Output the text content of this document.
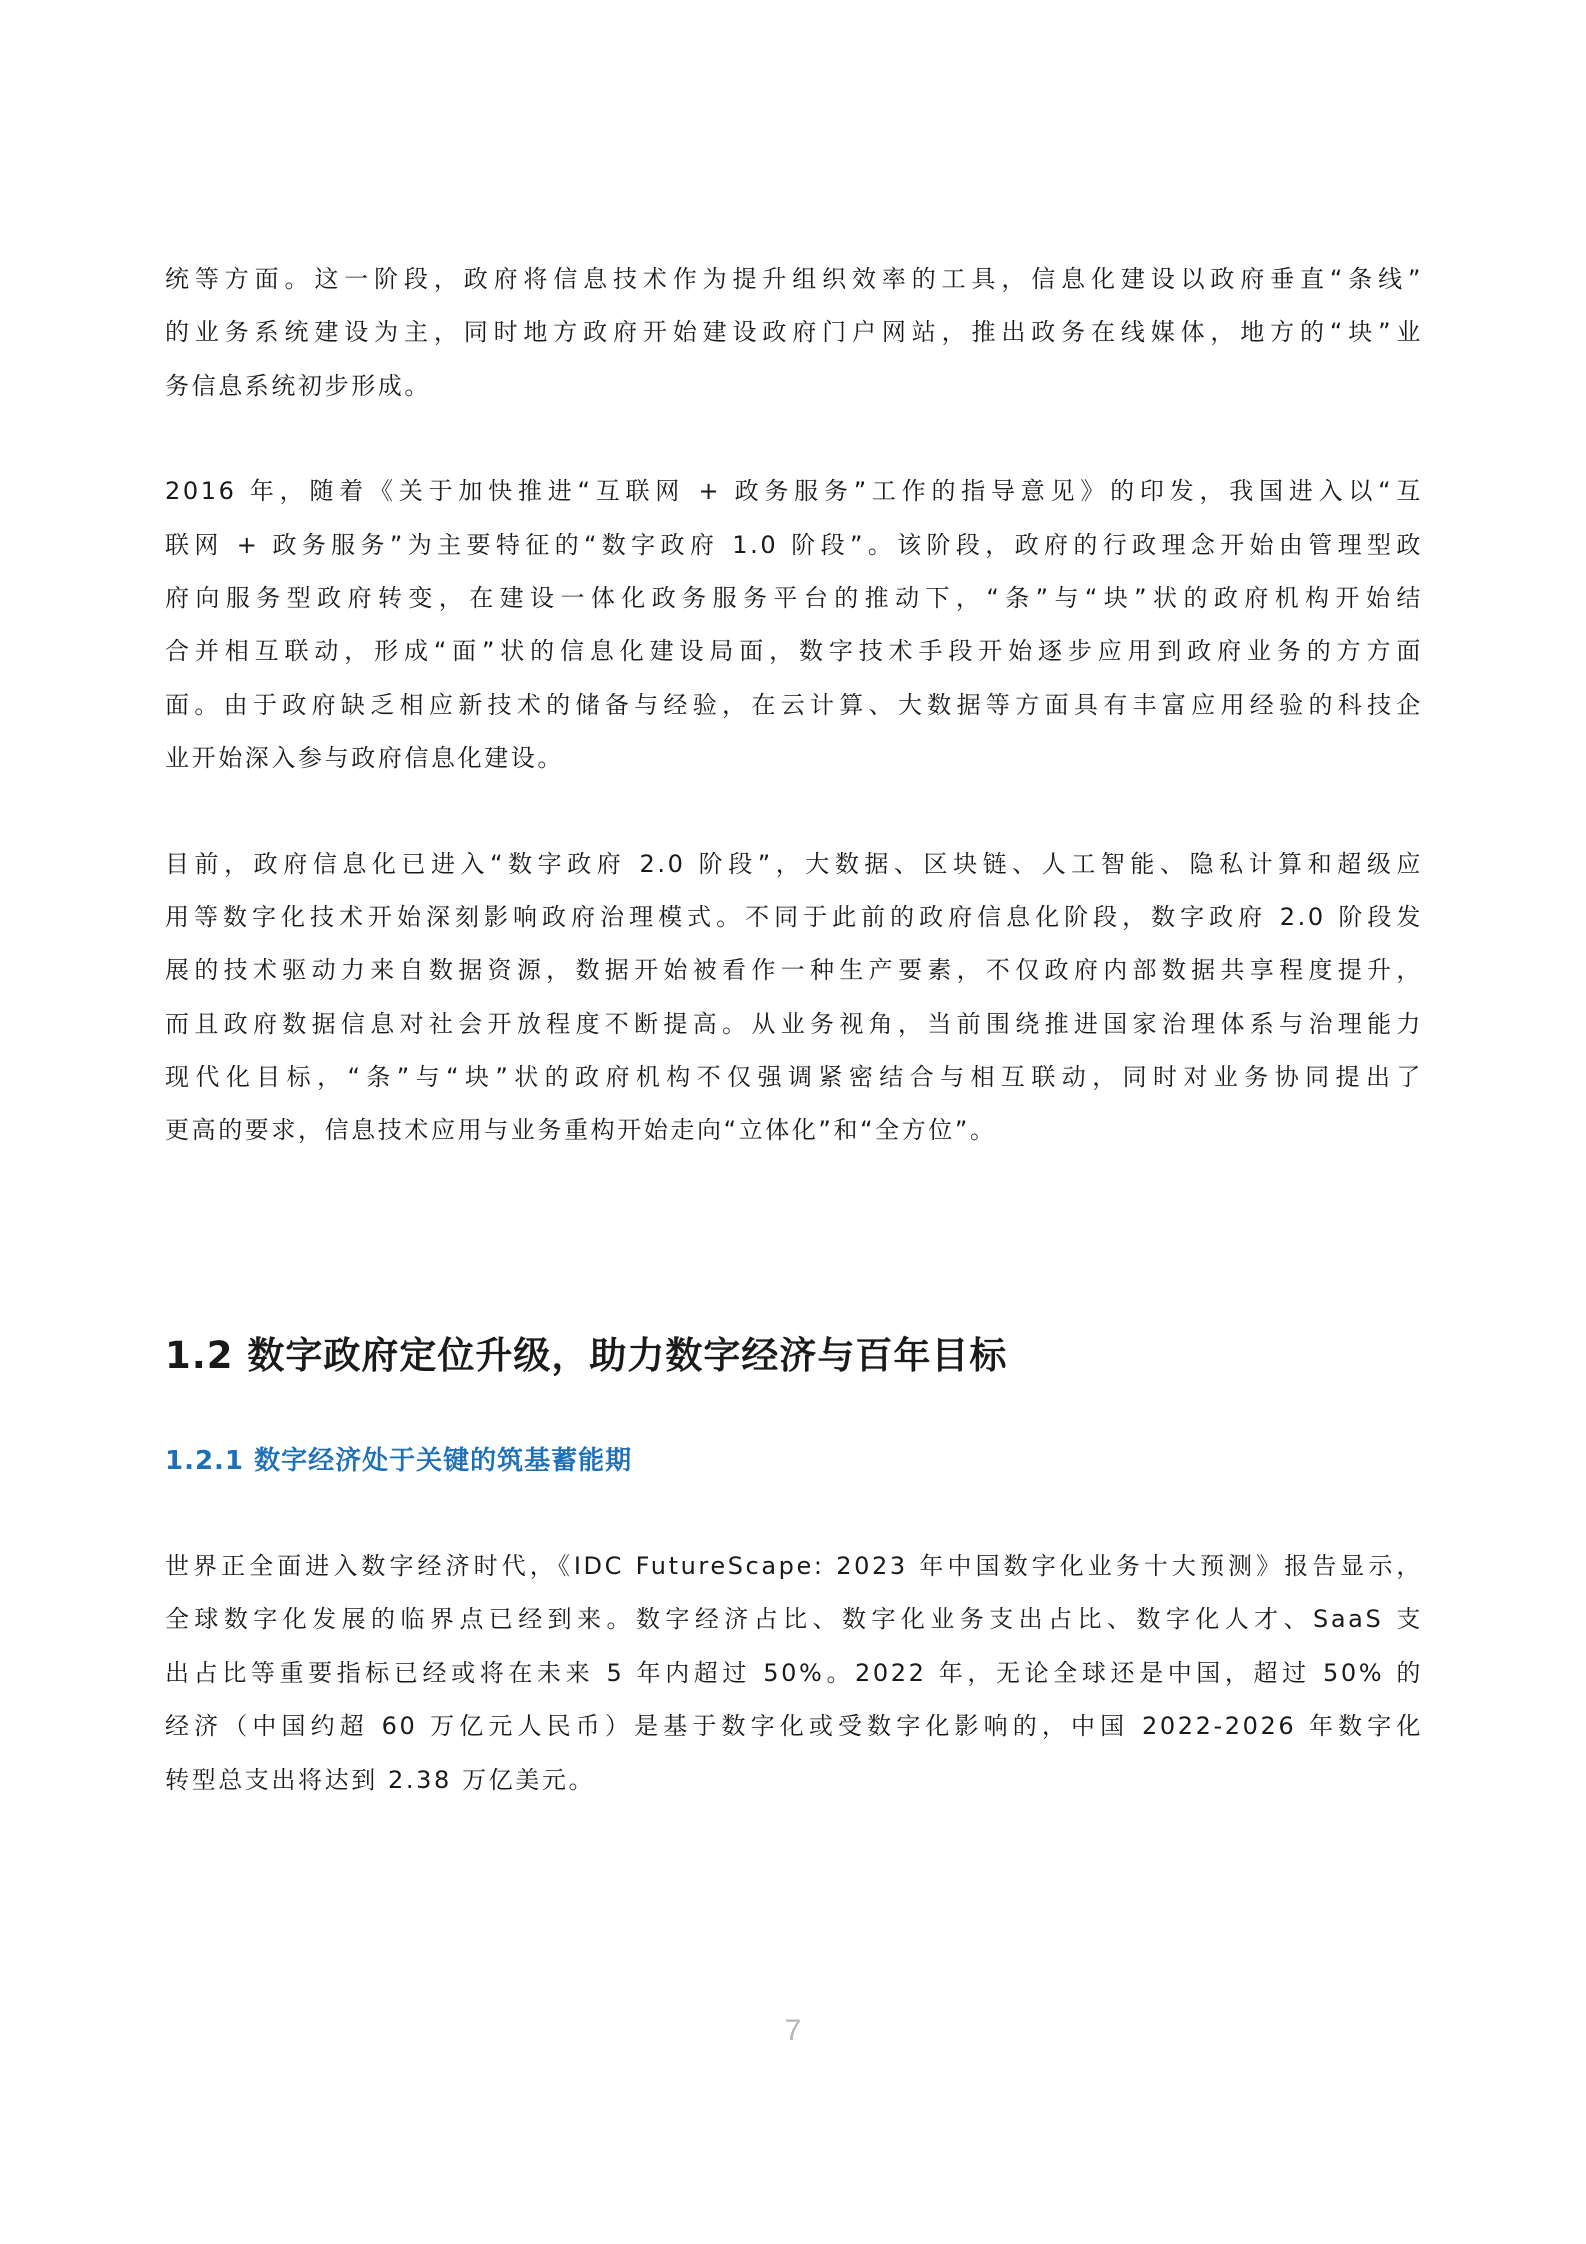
统等方面。这一阶段，政府将信息技术作为提升组织效率的工具，信息化建设以政府垂直“条线”
的业务系统建设为主，同时地方政府开始建设政府门户网站，推出政务在线媒体，地方的“块”业
务信息系统初步形成。
2016 年，随着《关于加快推进“互联网 + 政务服务”工作的指导意见》的印发，我国进入以“互
联网 + 政务服务”为主要特征的“数字政府 1.0 阶段”。该阶段，政府的行政理念开始由管理型政
府向服务型政府转变，在建设一体化政务服务平台的推动下，“条”与“块”状的政府机构开始结
合并相互联动，形成“面”状的信息化建设局面，数字技术手段开始逐步应用到政府业务的方方面
面。由于政府缺乏相应新技术的储备与经验，在云计算、大数据等方面具有丰富应用经验的科技企
业开始深入参与政府信息化建设。
目前，政府信息化已进入“数字政府 2.0 阶段”，大数据、区块链、人工智能、隐私计算和超级应
用等数字化技术开始深刻影响政府治理模式。不同于此前的政府信息化阶段，数字政府 2.0 阶段发
展的技术驱动力来自数据资源，数据开始被看作一种生产要素，不仅政府内部数据共享程度提升，
而且政府数据信息对社会开放程度不断提高。从业务视角，当前围绕推进国家治理体系与治理能力
现代化目标，“条”与“块”状的政府机构不仅强调紧密结合与相互联动，同时对业务协同提出了
更高的要求，信息技术应用与业务重构开始走向“立体化”和“全方位”。
1.2 数字政府定位升级，助力数字经济与百年目标
1.2.1 数字经济处于关键的筑基蓄能期
世界正全面进入数字经济时代，《IDC FutureScape: 2023 年中国数字化业务十大预测》报告显示，
全球数字化发展的临界点已经到来。数字经济占比、数字化业务支出占比、数字化人才、SaaS 支
出占比等重要指标已经或将在未来 5 年内超过 50%。2022 年，无论全球还是中国，超过 50% 的
经济（中国约超 60 万亿元人民币）是基于数字化或受数字化影响的，中国 2022-2026 年数字化
转型总支出将达到 2.38 万亿美元。
7
